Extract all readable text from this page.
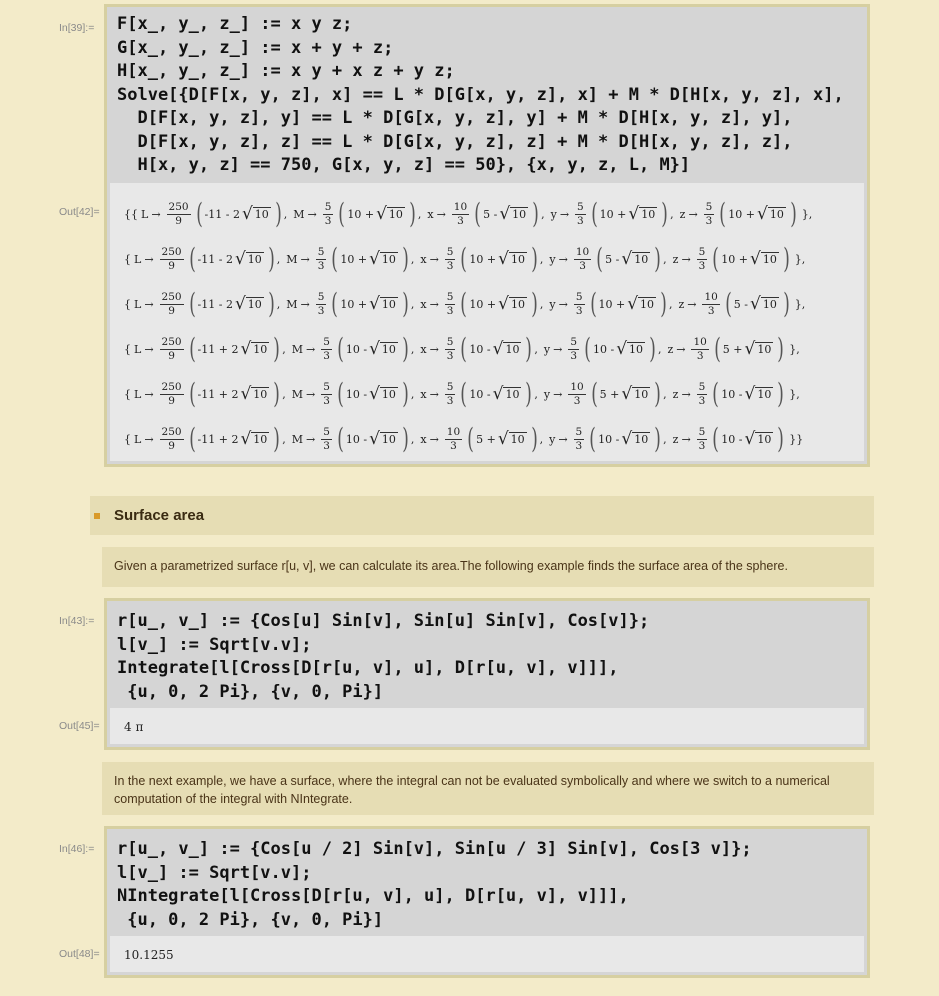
In[39]:=	F[x_, y_, z_] := x y z;
G[x_, y_, z_] := x + y + z;
H[x_, y_, z_] := x y + x z + y z;
Solve[{D[F[x, y, z], x] == L * D[G[x, y, z], x] + M * D[H[x, y, z], x],
D[F[x, y, z], y] == L * D[G[x, y, z], y] + M * D[H[x, y, z], y],
D[F[x, y, z], z] == L * D[G[x, y, z], z] + M * D[H[x, y, z], z],
H[x, y, z] == 750, G[x, y, z] == 50}, {x, y, z, L, M}]
{{ $L \to \frac{250}{9}$ ( -11 - 2 √ 10 ) , $M \to \frac{5}{3}$ ( 10 + √ 10 ) , $x \to \frac{10}{3}$ ( 5 - √ 10 ) , $y \to \frac{5}{3}$ ( 10 + √ 10 ) , $z \to \frac{5}{3}$ ( 10 + √ 10 ) },
{ $L \to \frac{250}{9}$ ( -11 - 2 √ 10 ) , $M \to \frac{5}{3}$ ( 10 + √ 10 ) , $x \to \frac{5}{3}$ ( 10 + √ 10 ) , $y \to \frac{10}{3}$ ( 5 - √ 10 ) , $z \to \frac{5}{3}$ ( 10 + √ 10 ) },
{ $L \to \frac{250}{9}$ ( -11 - 2 √ 10 ) , $M \to \frac{5}{3}$ ( 10 + √ 10 ) , $x \to \frac{5}{3}$ ( 10 + √ 10 ) , $y \to \frac{5}{3}$ ( 10 + √ 10 ) , $z \to \frac{10}{3}$ ( 5 - √ 10 ) },
{ $L \to \frac{250}{9}$ ( -11 + 2 √ 10 ) , $M \to \frac{5}{3}$ ( 10 - √ 10 ) , $x \to \frac{5}{3}$ ( 10 - √ 10 ) , $y \to \frac{5}{3}$ ( 10 - √ 10 ) , $z \to \frac{10}{3}$ ( 5 + √ 10 ) },
{ $L \to \frac{250}{9}$ ( -11 + 2 √ 10 ) , $M \to \frac{5}{3}$ ( 10 - √ 10 ) , $x \to \frac{5}{3}$ ( 10 - √ 10 ) , $y \to \frac{10}{3}$ ( 5 + √ 10 ) , $z \to \frac{5}{3}$ ( 10 - √ 10 ) },
{ $L \to \frac{250}{9}$ ( -11 + 2 √ 10 ) , $M \to \frac{5}{3}$ ( 10 - √ 10 ) , $x \to \frac{10}{3}$ ( 5 + √ 10 ) , $y \to \frac{5}{3}$ ( 10 - √ 10 ) , $z \to \frac{5}{3}$ ( 10 - √ 10 ) }}
Out[42]=
Surface area
Given a parametrized surface r[u, v], we can calculate its area.The following example finds the surface area of the sphere.
In[43]:=	r[u_, v_] := {Cos[u] Sin[v], Sin[u] Sin[v], Cos[v]};
l[v_] := Sqrt[v.v];
Integrate[l[Cross[D[r[u, v], u], D[r[u, v], v]]],
{u, 0, 2 Pi}, {v, 0, Pi}]
4 π
Out[45]=
In the next example, we have a surface, where the integral can not be evaluated symbolically and where we switch to a numerical computation of the integral with NIntegrate.
In[46]:=	r[u_, v_] := {Cos[u / 2] Sin[v], Sin[u / 3] Sin[v], Cos[3 v]};
l[v_] := Sqrt[v.v];
NIntegrate[l[Cross[D[r[u, v], u], D[r[u, v], v]]],
{u, 0, 2 Pi}, {v, 0, Pi}]
10.1255
Out[48]=
